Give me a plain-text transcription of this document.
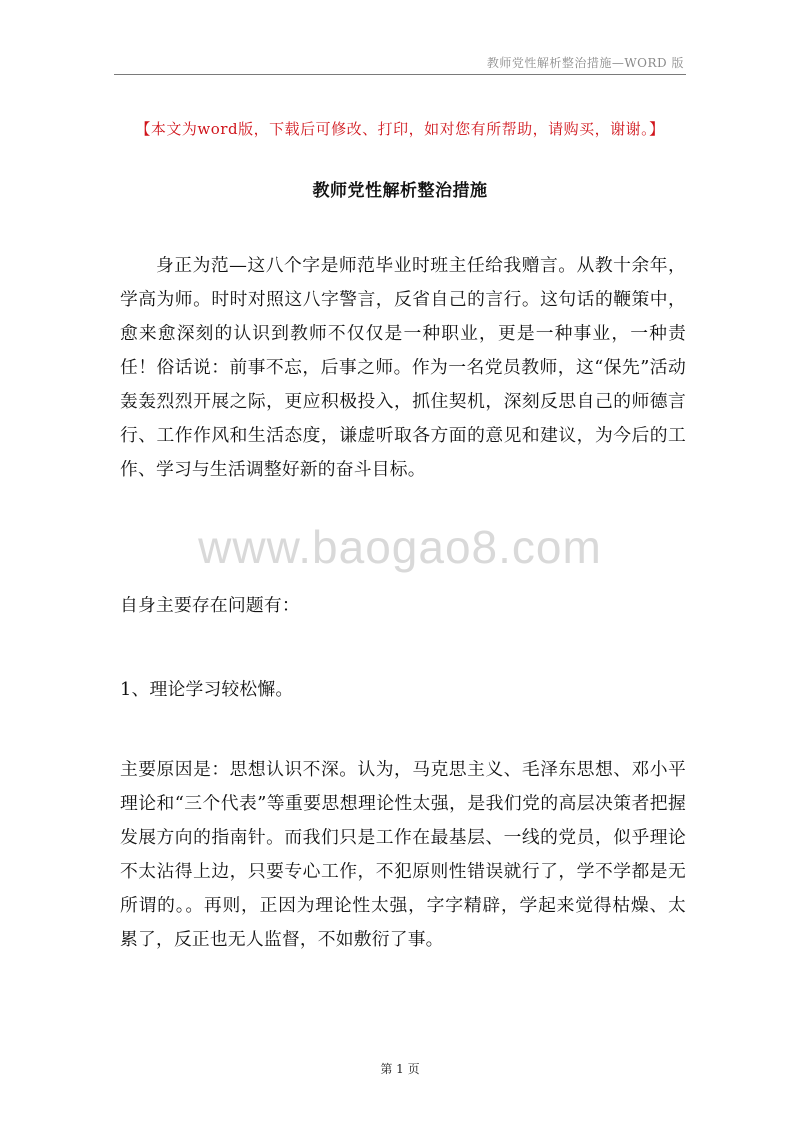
教师党性解析整治措施—WORD 版
【本文为word版，下载后可修改、打印，如对您有所帮助，请购买，谢谢。】
教师党性解析整治措施
www.baogao8.com

身正为范—这八个字是师范毕业时班主任给我赠言。从教十余年，学高为师。时时对照这八字警言，反省自己的言行。这句话的鞭策中，愈来愈深刻的认识到教师不仅仅是一种职业，更是一种事业，一种责任！俗话说：前事不忘，后事之师。作为一名党员教师，这“保先”活动轰轰烈烈开展之际，更应积极投入，抓住契机，深刻反思自己的师德言行、工作作风和生活态度，谦虚听取各方面的意见和建议，为今后的工作、学习与生活调整好新的奋斗目标。

自身主要存在问题有：

1、理论学习较松懈。

主要原因是：思想认识不深。认为，马克思主义、毛泽东思想、邓小平理论和“三个代表”等重要思想理论性太强，是我们党的高层决策者把握发展方向的指南针。而我们只是工作在最基层、一线的党员，似乎理论不太沾得上边，只要专心工作，不犯原则性错误就行了，学不学都是无所谓的。。再则，正因为理论性太强，字字精辟，学起来觉得枯燥、太累了，反正也无人监督，不如敷衍了事。

第 1 页
